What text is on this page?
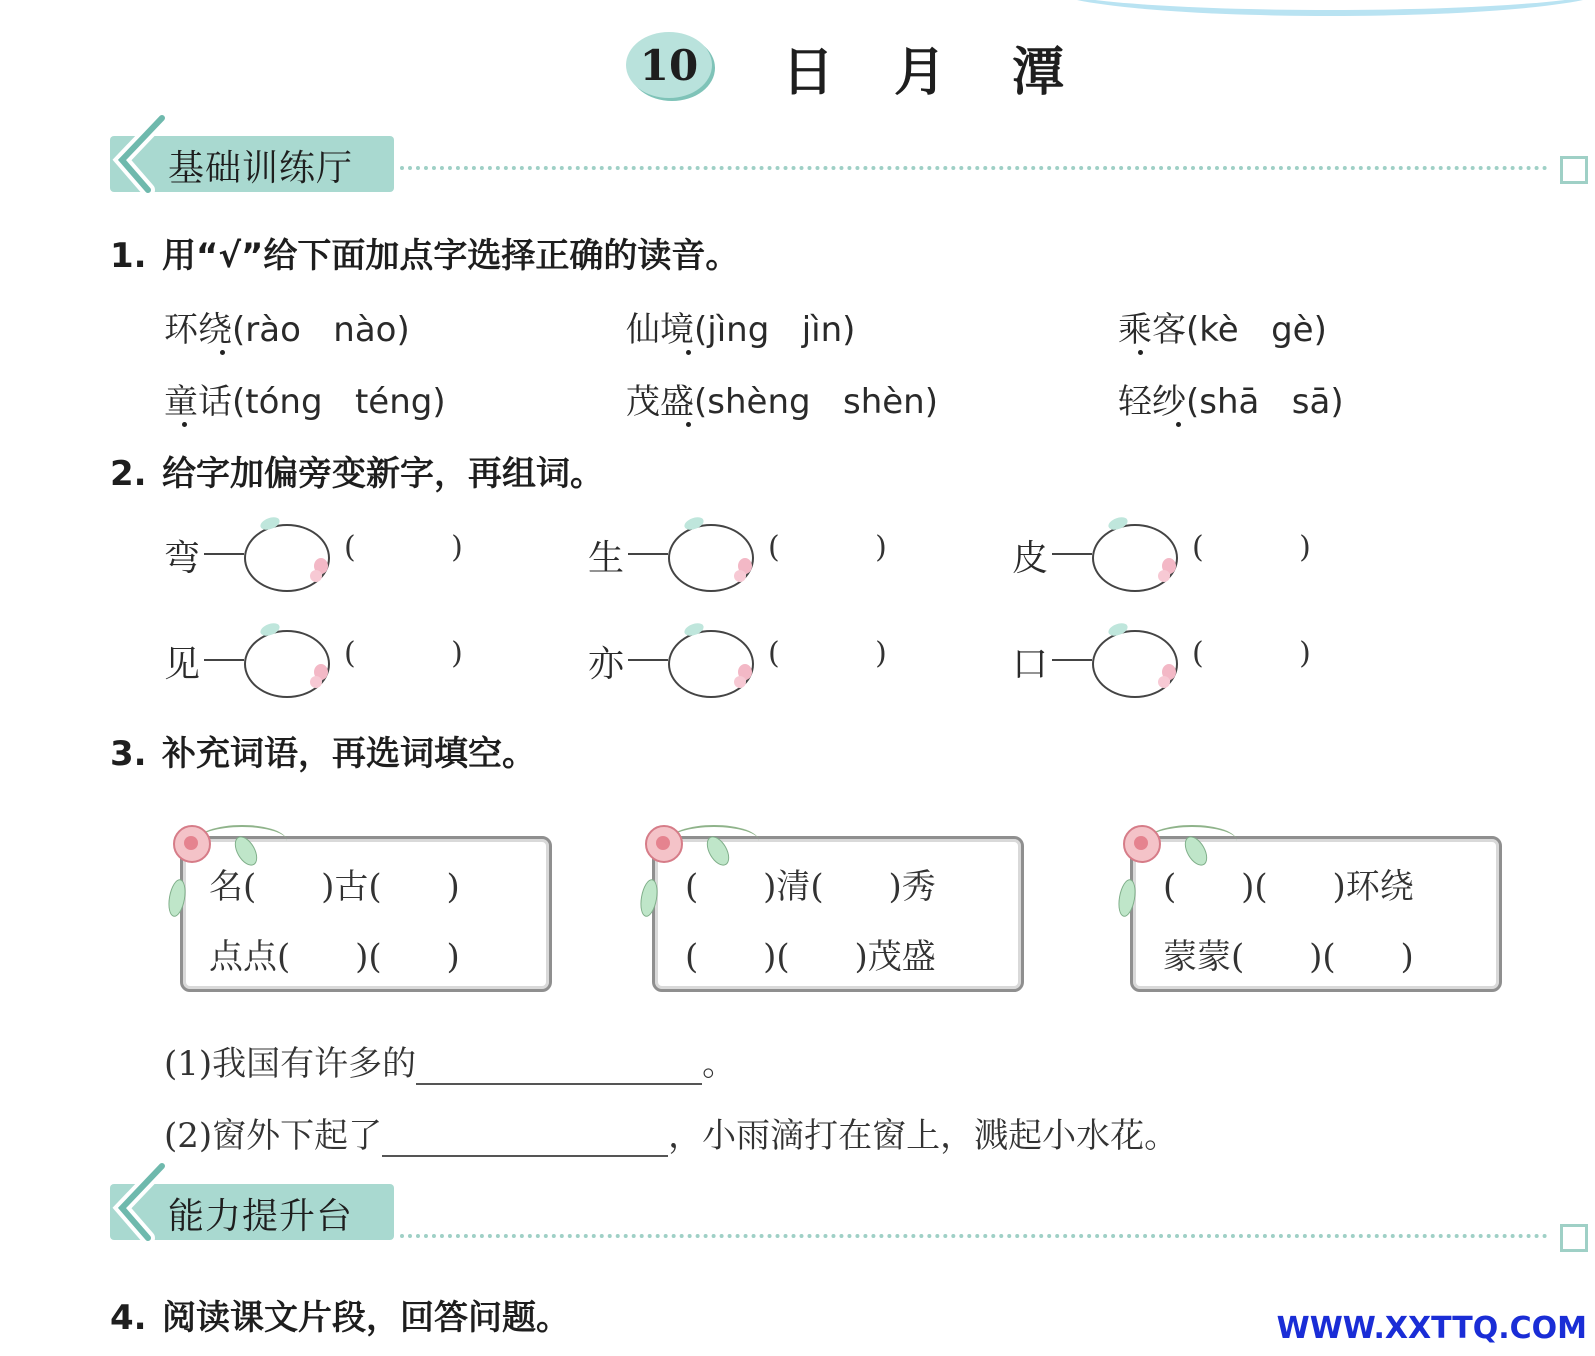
10 日 月 潭
基础训练厅
1. 用“√”给下面加点字选择正确的读音。
环绕(rào   nào)	仙境(jìng   jìn)	乘客(kè   gè)
童话(tóng   téng)	茂盛(shèng   shèn)	轻纱(shā   sā)
2. 给字加偏旁变新字，再组词。
弯	(          )	生	(          )	皮	(          )
见	(          )	亦	(          )	口	(          )
3. 补充词语，再选词填空。
名(      )古(      )
点点(      )(      )
(      )清(      )秀
(      )(      )茂盛
(      )(      )环绕
蒙蒙(      )(      )
(1)我国有许多的	。
(2)窗外下起了	，小雨滴打在窗上，溅起小水花。
能力提升台
4. 阅读课文片段，回答问题。	WWW.XXTTQ.COM
